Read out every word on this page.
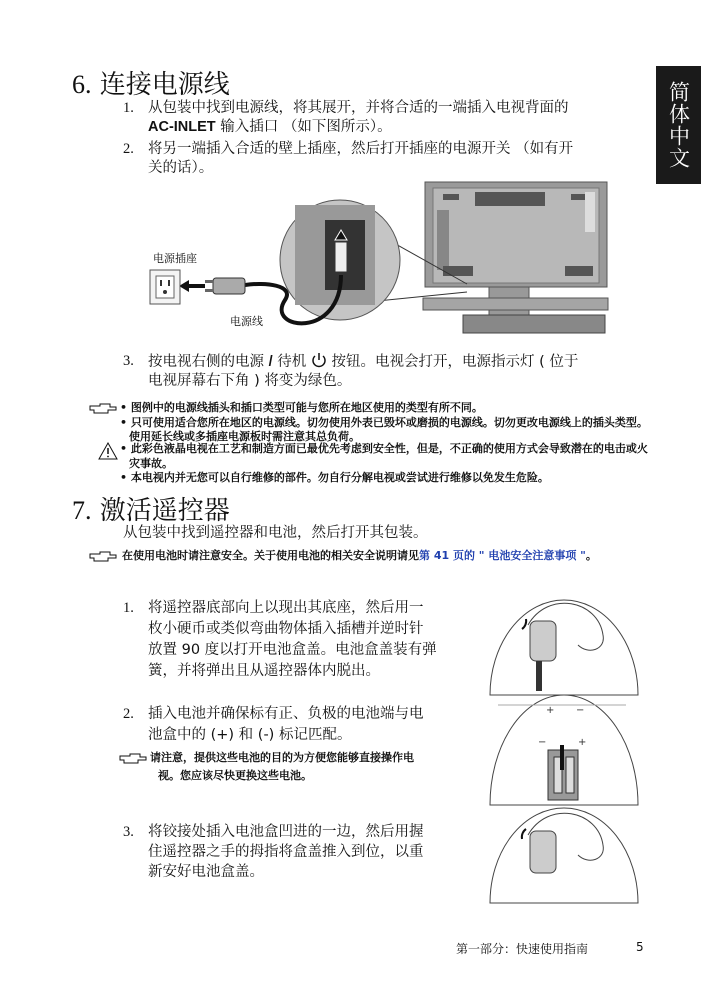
简体中文
6. 连接电源线
1. 从包装中找到电源线，将其展开，并将合适的一端插入电视背面的
AC-INLET 输入插口 （如下图所示）。
2. 将另一端插入合适的壁上插座，然后打开插座的电源开关 （如有开
关的话）。
电源插座
电源线
3. 按电视右侧的电源 / 待机  按钮。电视会打开，电源指示灯 ( 位于
电视屏幕右下角 ) 将变为绿色。

• 图例中的电源线插头和插口类型可能与您所在地区使用的类型有所不同。

• 只可使用适合您所在地区的电源线。切勿使用外表已毁坏或磨损的电源线。切勿更改电源线上的插头类型。使用延长线或多插座电源板时需注意其总负荷。

• 此彩色液晶电视在工艺和制造方面已最优先考虑到安全性，但是，不正确的使用方式会导致潜在的电击或火灾事故。

• 本电视内并无您可以自行维修的部件。勿自行分解电视或尝试进行维修以免发生危险。

7. 激活遥控器
从包装中找到遥控器和电池，然后打开其包装。
在使用电池时请注意安全。关于使用电池的相关安全说明请见第 41 页的 " 电池安全注意事项 "。
1. 将遥控器底部向上以现出其底座，然后用一
枚小硬币或类似弯曲物体插入插槽并逆时针
放置 90 度以打开电池盒盖。电池盒盖装有弹
簧，并将弹出且从遥控器体内脱出。
2. 插入电池并确保标有正、负极的电池端与电
池盒中的 (+) 和 (-) 标记匹配。
请注意，提供这些电池的目的为方便您能够直接操作电
视。您应该尽快更换这些电池。
3. 将铰接处插入电池盒凹进的一边，然后用握
住遥控器之手的拇指将盒盖推入到位，以重
新安好电池盒盖。
−	+
+ −
第一部分：快速使用指南	5
